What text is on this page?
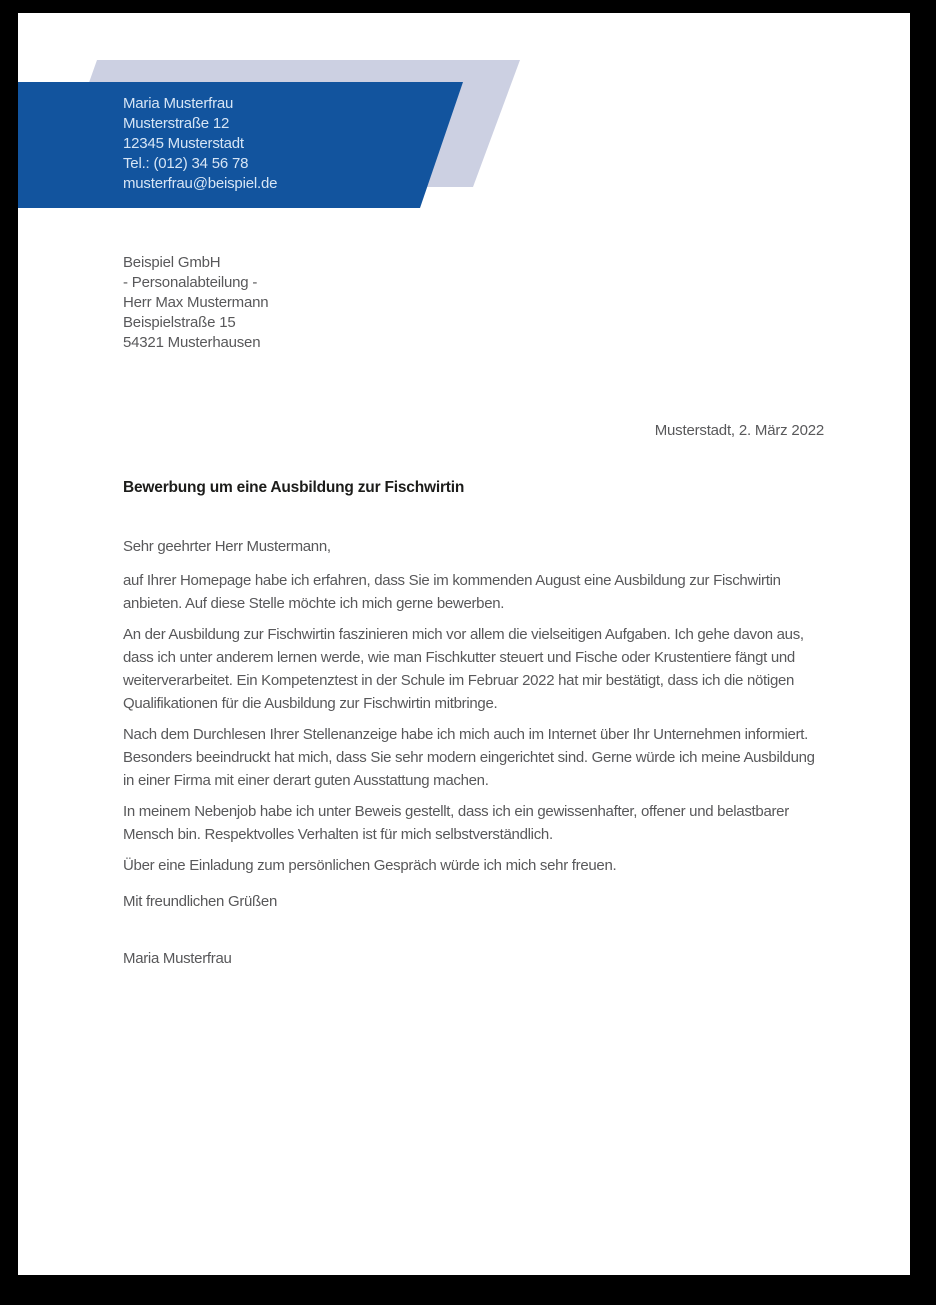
Maria Musterfrau
Musterstraße 12
12345 Musterstadt
Tel.: (012) 34 56 78
musterfrau@beispiel.de
Beispiel GmbH
- Personalabteilung -
Herr Max Mustermann
Beispielstraße 15
54321 Musterhausen
Musterstadt, 2. März 2022
Bewerbung um eine Ausbildung zur Fischwirtin

Sehr geehrter Herr Mustermann,

auf Ihrer Homepage habe ich erfahren, dass Sie im kommenden August eine Ausbildung zur Fischwirtin anbieten. Auf diese Stelle möchte ich mich gerne bewerben.

An der Ausbildung zur Fischwirtin faszinieren mich vor allem die vielseitigen Aufgaben. Ich gehe davon aus, dass ich unter anderem lernen werde, wie man Fischkutter steuert und Fische oder Krustentiere fängt und weiterverarbeitet. Ein Kompetenztest in der Schule im Februar 2022 hat mir bestätigt, dass ich die nötigen Qualifikationen für die Ausbildung zur Fischwirtin mitbringe.

Nach dem Durchlesen Ihrer Stellenanzeige habe ich mich auch im Internet über Ihr Unternehmen informiert. Besonders beeindruckt hat mich, dass Sie sehr modern eingerichtet sind. Gerne würde ich meine Ausbildung in einer Firma mit einer derart guten Ausstattung machen.

In meinem Nebenjob habe ich unter Beweis gestellt, dass ich ein gewissenhafter, offener und belastbarer Mensch bin. Respektvolles Verhalten ist für mich selbstverständlich.

Über eine Einladung zum persönlichen Gespräch würde ich mich sehr freuen.

Mit freundlichen Grüßen

Maria Musterfrau
